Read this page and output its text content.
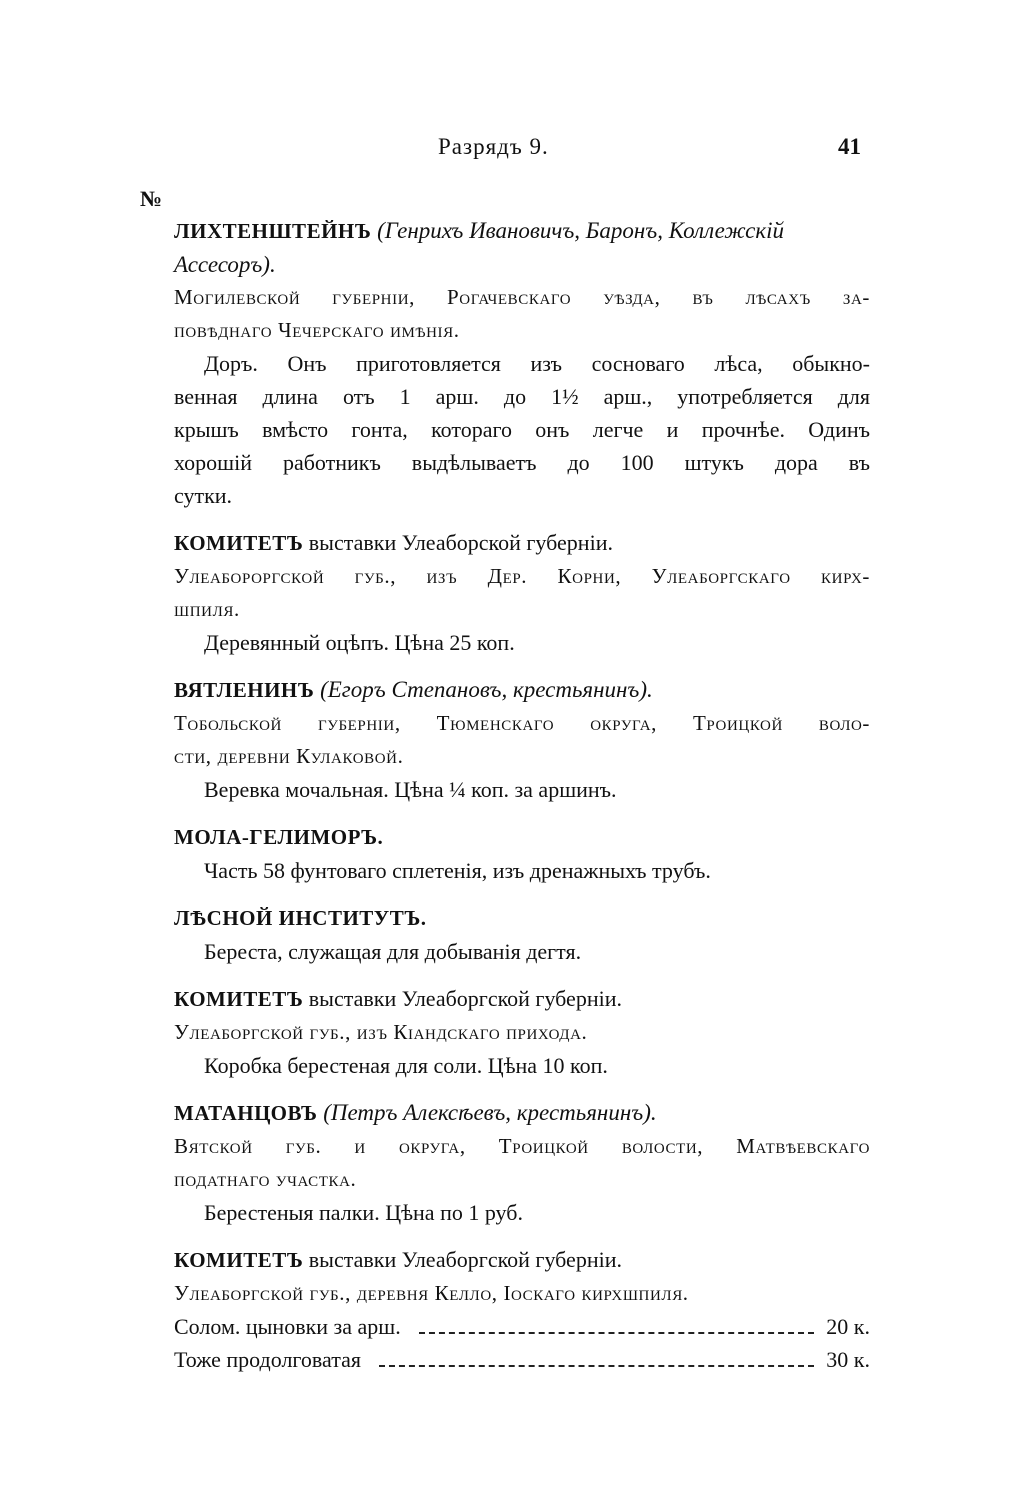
Разрядъ 9.	41
№
ЛИХТЕНШТЕЙНЪ (Генрихъ Ивановичъ, Баронъ, Коллежскій
Ассесоръ).
Могилевской губерніи, Рогачевскаго уѣзда, въ лѣсахъ за-
повѣднаго Чечерскаго имѣнія.
Доръ. Онъ приготовляется изъ сосноваго лѣса, обыкно-
венная длина отъ 1 арш. до 1½ арш., употребляется для
крышъ вмѣсто гонта, котораго онъ легче и прочнѣе. Одинъ
хорошій работникъ выдѣлываетъ до 100 штукъ дора въ
сутки.
КОМИТЕТЪ выставки Улеаборской губерніи.
Улеабороргской губ., изъ Дер. Корни, Улеаборгскаго кирх-
шпиля.
Деревянный оцѣпъ. Цѣна 25 коп.
ВЯТЛЕНИНЪ (Егоръ Степановъ, крестьянинъ).
Тобольской губерніи, Тюменскаго округа, Троицкой воло-
сти, деревни Кулаковой.
Веревка мочальная. Цѣна ¼ коп. за аршинъ.
МОЛА-ГЕЛИМОРЪ.
Часть 58 фунтоваго сплетенія, изъ дренажныхъ трубъ.
ЛѢСНОЙ ИНСТИТУТЪ.
Береста, служащая для добыванія дегтя.
КОМИТЕТЪ выставки Улеаборгской губерніи.
Улеаборгской губ., изъ Кіандскаго прихода.
Коробка берестеная для соли. Цѣна 10 коп.
МАТАНЦОВЪ (Петръ Алексѣевъ, крестьянинъ).
Вятской губ. и округа, Троицкой волости, Матвѣевскаго
податнаго участка.
Берестеныя палки. Цѣна по 1 руб.
КОМИТЕТЪ выставки Улеаборгской губерніи.
Улеаборгской губ., деревня Келло, Іоскаго кирхшпиля.
Солом. цыновки за арш.	20 к.
Тоже продолговатая	30 к.
